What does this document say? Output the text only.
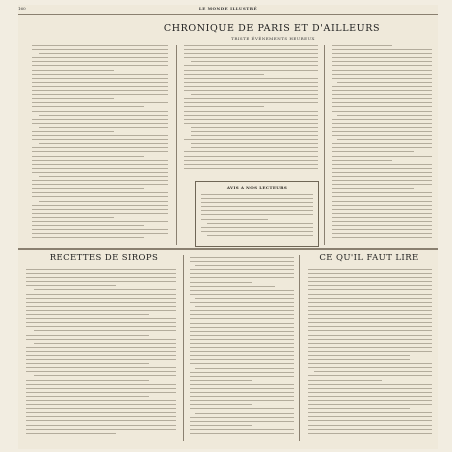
160	LE MONDE ILLUSTRÉ
CHRONIQUE DE PARIS ET D'AILLEURS
TRISTE ÉVÉNEMENTS HEUREUX
AVIS A NOS LECTEURS
RECETTES DE SIROPS	CE QU'IL FAUT LIRE
